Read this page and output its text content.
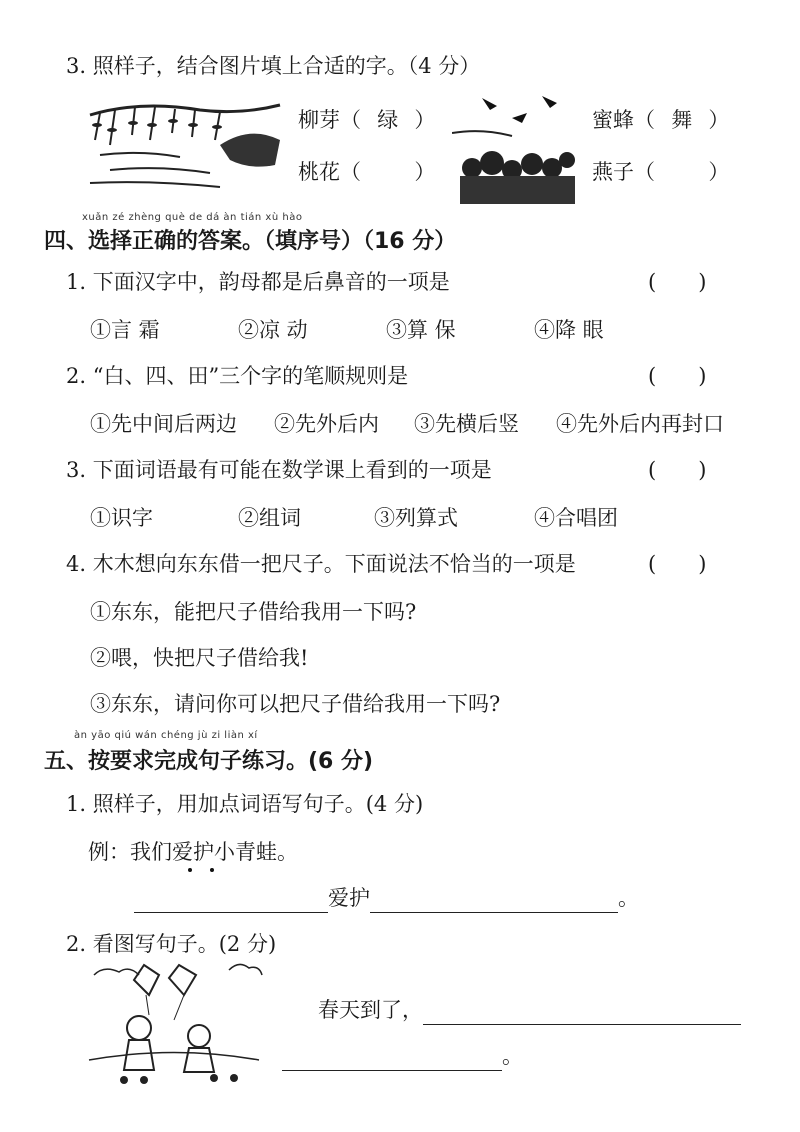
3. 照样子，结合图片填上合适的字。（4 分）
柳芽（ 绿 ）
桃花（  ）
蜜蜂（ 舞 ）
燕子（  ）
xuǎn zé zhèng què de dá àn tián xù hào
四、选择正确的答案。（填序号）（16 分）
1. 下面汉字中，韵母都是后鼻音的一项是	(　　)
①言 霜	②凉 动	③算 保	④降 眼
2. “白、四、田”三个字的笔顺规则是	(　　)
①先中间后两边 ②先外后内 ③先横后竖 ④先外后内再封口
3. 下面词语最有可能在数学课上看到的一项是	(　　)
①识字	②组词	③列算式	④合唱团
4. 木木想向东东借一把尺子。下面说法不恰当的一项是	(　　)
①东东，能把尺子借给我用一下吗?
②喂，快把尺子借给我!
③东东，请问你可以把尺子借给我用一下吗?
àn yāo qiú wán chéng jù zi liàn xí
五、按要求完成句子练习。(6 分)
1. 照样子，用加点词语写句子。(4 分)
例：我们爱护小青蛙。
爱护	。
2. 看图写句子。(2 分)
春天到了，
。
